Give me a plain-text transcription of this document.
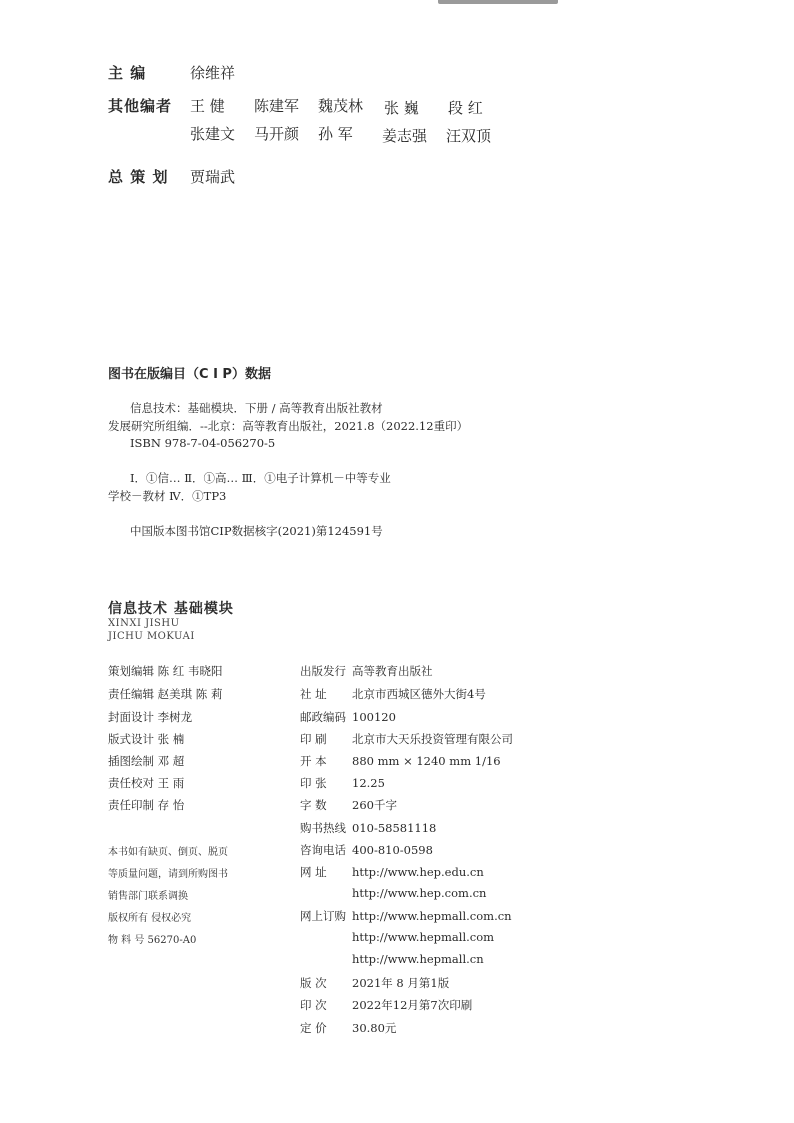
主 编	徐维祥
其他编者 王 健 陈建军 魏茂林 张 巍 段 红
张建文 马开颜 孙 军 姜志强 汪双顶
总 策 划 贾瑞武
图书在版编目（C I P）数据
信息技术：基础模块．下册 / 高等教育出版社教材
发展研究所组编．--北京：高等教育出版社，2021.8（2022.12重印）
ISBN 978-7-04-056270-5
Ⅰ．①信… Ⅱ．①高… Ⅲ．①电子计算机－中等专业
学校－教材 Ⅳ．①TP3
中国版本图书馆CIP数据核字(2021)第124591号
信息技术 基础模块
XINXI JISHU
JICHU MOKUAI
策划编辑 陈 红 韦晓阳
责任编辑 赵美琪 陈 莉
封面设计 李树龙
版式设计 张 楠
插图绘制 邓 超
责任校对 王 雨
责任印制 存 怡
本书如有缺页、倒页、脱页
等质量问题，请到所购图书
销售部门联系调换
版权所有 侵权必究
物 料 号 56270-A0
出版发行 高等教育出版社
社 址 北京市西城区德外大街4号
邮政编码 100120
印 刷 北京市大天乐投资管理有限公司
开 本 880 mm × 1240 mm 1/16
印 张 12.25
字 数 260千字
购书热线 010-58581118
咨询电话 400-810-0598
网 址 http://www.hep.edu.cn
http://www.hep.com.cn
网上订购 http://www.hepmall.com.cn
http://www.hepmall.com
http://www.hepmall.cn
版 次 2021年 8 月第1版
印 次 2022年12月第7次印刷
定 价 30.80元
